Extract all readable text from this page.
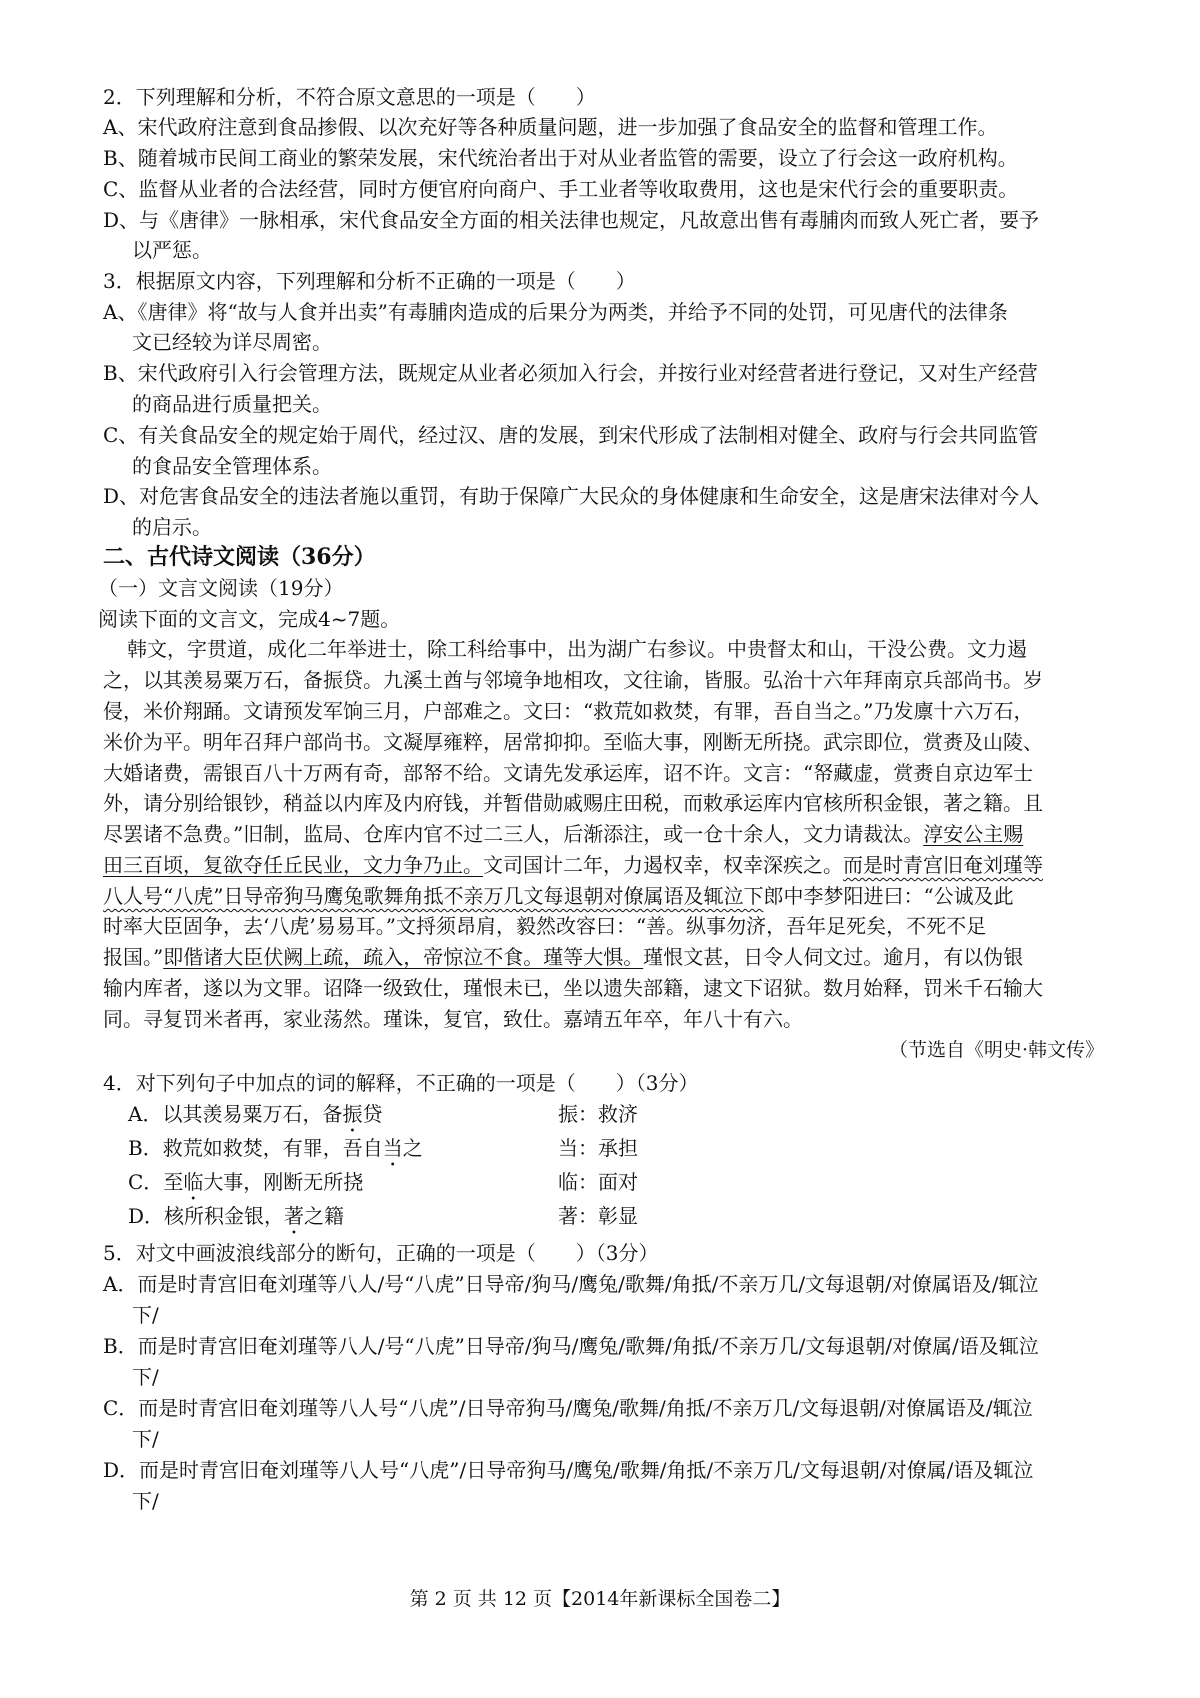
2．下列理解和分析，不符合原文意思的一项是（　　）
A、宋代政府注意到食品掺假、以次充好等各种质量问题，进一步加强了食品安全的监督和管理工作。
B、随着城市民间工商业的繁荣发展，宋代统治者出于对从业者监管的需要，设立了行会这一政府机构。
C、监督从业者的合法经营，同时方便官府向商户、手工业者等收取费用，这也是宋代行会的重要职责。
D、与《唐律》一脉相承，宋代食品安全方面的相关法律也规定，凡故意出售有毒脯肉而致人死亡者，要予
以严惩。
3．根据原文内容，下列理解和分析不正确的一项是（　　）
A、《唐律》将“故与人食并出卖”有毒脯肉造成的后果分为两类，并给予不同的处罚，可见唐代的法律条
文已经较为详尽周密。
B、宋代政府引入行会管理方法，既规定从业者必须加入行会，并按行业对经营者进行登记，又对生产经营
的商品进行质量把关。
C、有关食品安全的规定始于周代，经过汉、唐的发展，到宋代形成了法制相对健全、政府与行会共同监管
的食品安全管理体系。
D、对危害食品安全的违法者施以重罚，有助于保障广大民众的身体健康和生命安全，这是唐宋法律对今人
的启示。
二、古代诗文阅读（36分）
（一）文言文阅读（19分）
阅读下面的文言文，完成4~7题。
韩文，字贯道，成化二年举进士，除工科给事中，出为湖广右参议。中贵督太和山，干没公费。文力遏
之，以其羡易粟万石，备振贷。九溪土酋与邻境争地相攻，文往谕，皆服。弘治十六年拜南京兵部尚书。岁
侵，米价翔踊。文请预发军饷三月，户部难之。文曰：“救荒如救焚，有罪，吾自当之。”乃发廪十六万石，
米价为平。明年召拜户部尚书。文凝厚雍粹，居常抑抑。至临大事，刚断无所挠。武宗即位，赏赉及山陵、
大婚诸费，需银百八十万两有奇，部帑不给。文请先发承运库，诏不许。文言：“帑藏虚，赏赉自京边军士
外，请分别给银钞，稍益以内库及内府钱，并暂借勋戚赐庄田税，而敕承运库内官核所积金银，著之籍。且
尽罢诸不急费。”旧制，监局、仓库内官不过二三人，后渐添注，或一仓十余人，文力请裁汰。淳安公主赐
田三百顷，复欲夺任丘民业，文力争乃止。文司国计二年，力遏权幸，权幸深疾之。而是时青宫旧奄刘瑾等
八人号“八虎”日导帝狗马鹰兔歌舞角抵不亲万几文每退朝对僚属语及辄泣下郎中李梦阳进曰：“公诚及此
时率大臣固争，去‘八虎’易易耳。”文捋须昂肩，毅然改容曰：“善。纵事勿济，吾年足死矣，不死不足
报国。”即偕诸大臣伏阙上疏，疏入，帝惊泣不食。瑾等大惧。瑾恨文甚，日令人伺文过。逾月，有以伪银
输内库者，遂以为文罪。诏降一级致仕，瑾恨未已，坐以遗失部籍，逮文下诏狱。数月始释，罚米千石输大
同。寻复罚米者再，家业荡然。瑾诛，复官，致仕。嘉靖五年卒，年八十有六。
（节选自《明史·韩文传》
4．对下列句子中加点的词的解释，不正确的一项是（　　）（3分）
A．以其羡易粟万石，备振贷	振：救济
B．救荒如救焚，有罪，吾自当之	当：承担
C．至临大事，刚断无所挠	临：面对
D．核所积金银，著之籍	著：彰显
5．对文中画波浪线部分的断句，正确的一项是（　　）（3分）
A．而是时青宫旧奄刘瑾等八人/号“八虎”日导帝/狗马/鹰兔/歌舞/角抵/不亲万几/文每退朝/对僚属语及/辄泣
下/
B．而是时青宫旧奄刘瑾等八人/号“八虎”日导帝/狗马/鹰兔/歌舞/角抵/不亲万几/文每退朝/对僚属/语及辄泣
下/
C．而是时青宫旧奄刘瑾等八人号“八虎”/日导帝狗马/鹰兔/歌舞/角抵/不亲万几/文每退朝/对僚属语及/辄泣
下/
D．而是时青宫旧奄刘瑾等八人号“八虎”/日导帝狗马/鹰兔/歌舞/角抵/不亲万几/文每退朝/对僚属/语及辄泣
下/
第 2 页 共 12 页【2014年新课标全国卷二】
